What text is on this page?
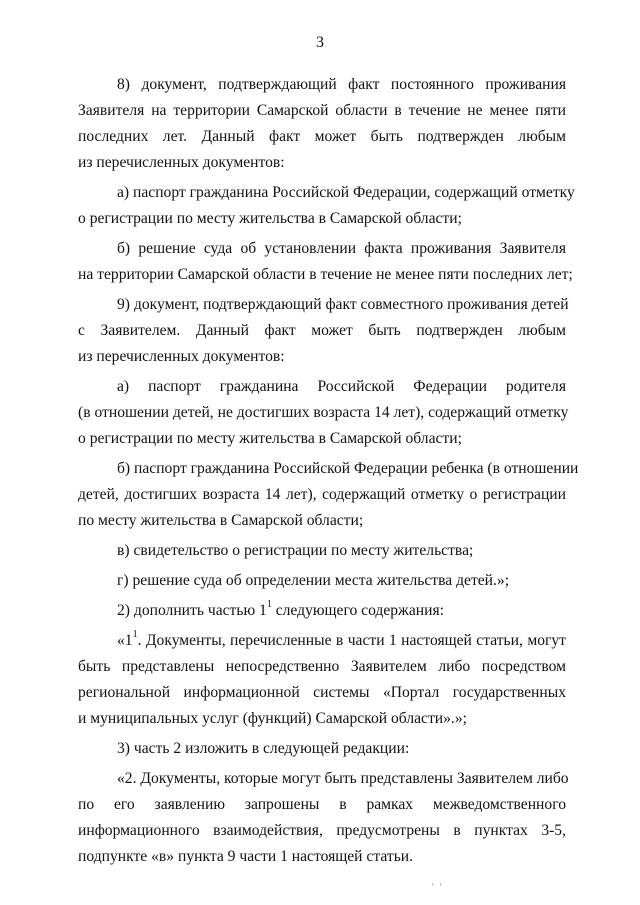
3

8) документ, подтверждающий факт постоянного проживания
Заявителя на территории Самарской области в течение не менее пяти
последних лет. Данный факт может быть подтвержден любым
из перечисленных документов:

а) паспорт гражданина Российской Федерации, содержащий отметку
о регистрации по месту жительства в Самарской области;

б) решение суда об установлении факта проживания Заявителя
на территории Самарской области в течение не менее пяти последних лет;

9) документ, подтверждающий факт совместного проживания детей
с Заявителем. Данный факт может быть подтвержден любым
из перечисленных документов:

а) паспорт гражданина Российской Федерации родителя
(в отношении детей, не достигших возраста 14 лет), содержащий отметку
о регистрации по месту жительства в Самарской области;

б) паспорт гражданина Российской Федерации ребенка (в отношении
детей, достигших возраста 14 лет), содержащий отметку о регистрации
по месту жительства в Самарской области;

в) свидетельство о регистрации по месту жительства;

г) решение суда об определении места жительства детей.»;

2) дополнить частью $1^1$ следующего содержания:

«$1^1$. Документы, перечисленные в части 1 настоящей статьи, могут
быть представлены непосредственно Заявителем либо посредством
региональной информационной системы «Портал государственных
и муниципальных услуг (функций) Самарской области».»;

3) часть 2 изложить в следующей редакции:

«2. Документы, которые могут быть представлены Заявителем либо
по его заявлению запрошены в рамках межведомственного
информационного взаимодействия, предусмотрены в пунктах 3-5,
подпункте «в» пункта 9 части 1 настоящей статьи.

' '
